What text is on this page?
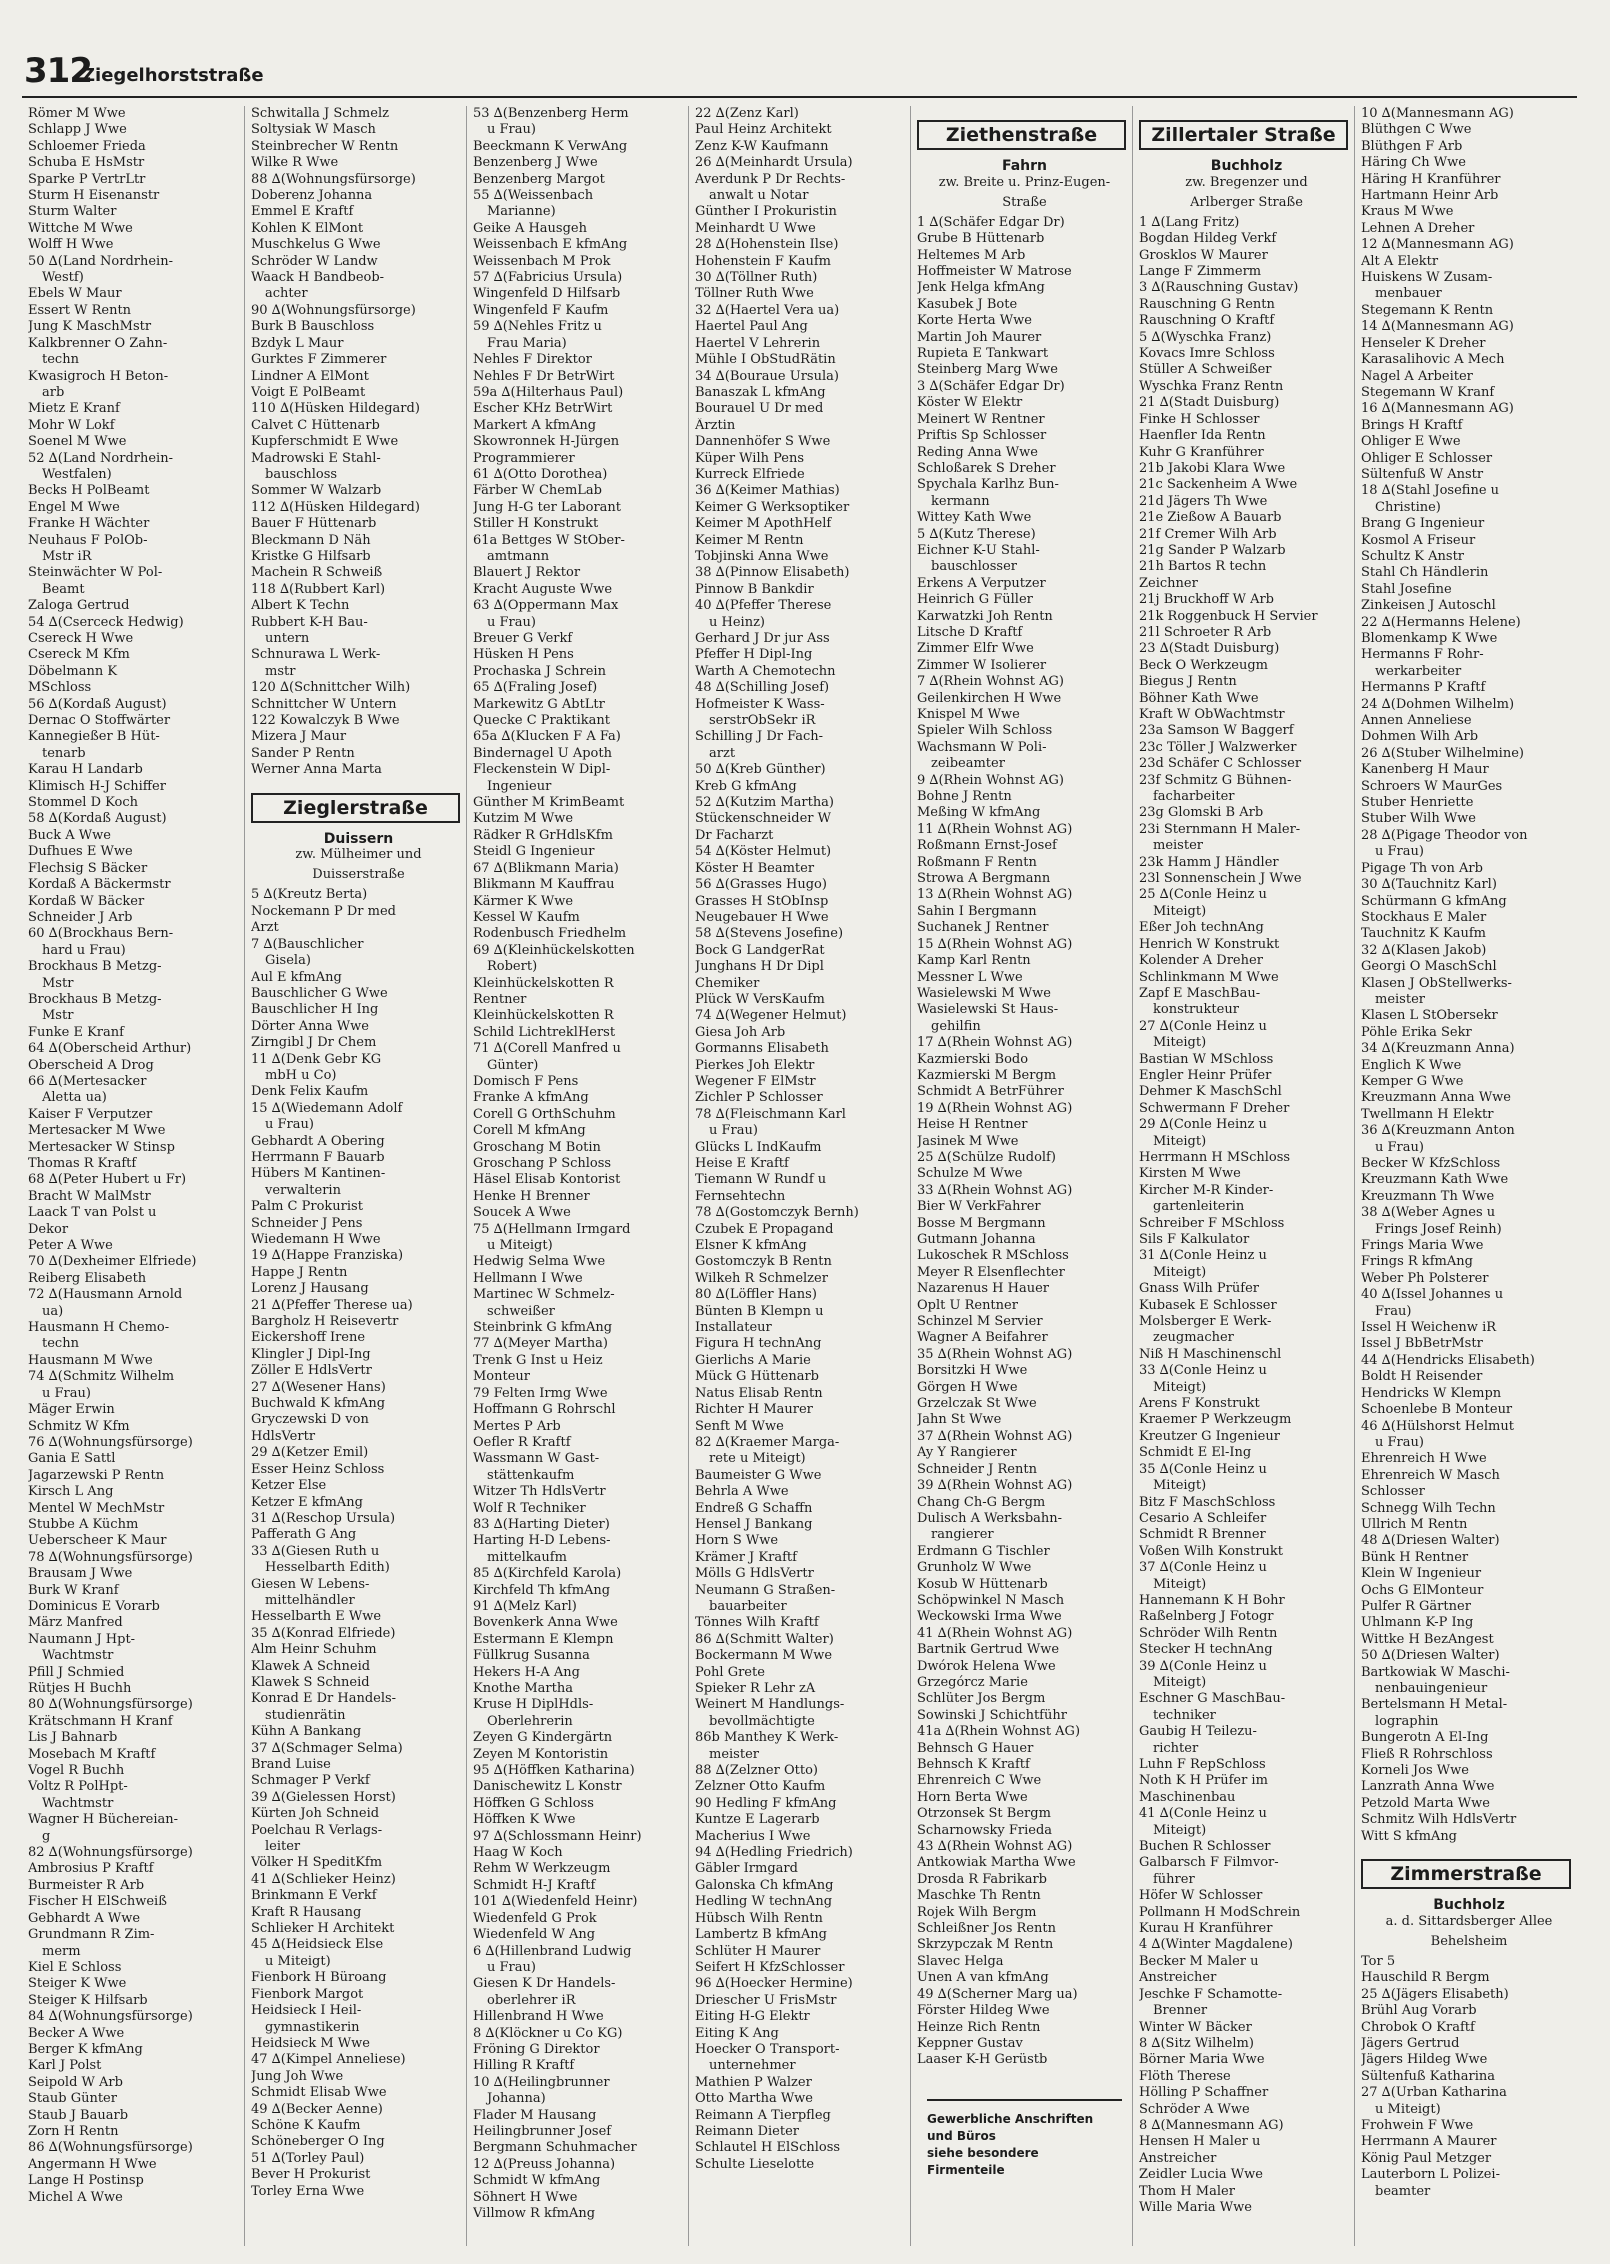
312
Ziegelhorststraße
Römer M Wwe
Schlapp J Wwe
Schloemer Frieda
Schuba E HsMstr
Sparke P VertrLtr
Sturm H Eisenanstr
Sturm Walter
Wittche M Wwe
Wolff H Wwe
50 ∆(Land Nordrhein-
Westf)
Ebels W Maur
Essert W Rentn
Jung K MaschMstr
Kalkbrenner O Zahn-
techn
Kwasigroch H Beton-
arb
Mietz E Kranf
Mohr W Lokf
Soenel M Wwe
52 ∆(Land Nordrhein-
Westfalen)
Becks H PolBeamt
Engel M Wwe
Franke H Wächter
Neuhaus F PolOb-
Mstr iR
Steinwächter W Pol-
Beamt
Zaloga Gertrud
54 ∆(Cserceck Hedwig)
Csereck H Wwe
Csereck M Kfm
Döbelmann K
MSchloss
56 ∆(Kordaß August)
Dernac O Stoffwärter
Kannegießer B Hüt-
tenarb
Karau H Landarb
Klimisch H-J Schiffer
Stommel D Koch
58 ∆(Kordaß August)
Buck A Wwe
Dufhues E Wwe
Flechsig S Bäcker
Kordaß A Bäckermstr
Kordaß W Bäcker
Schneider J Arb
60 ∆(Brockhaus Bern-
hard u Frau)
Brockhaus B Metzg-
Mstr
Brockhaus B Metzg-
Mstr
Funke E Kranf
64 ∆(Oberscheid Arthur)
Oberscheid A Drog
66 ∆(Mertesacker
Aletta ua)
Kaiser F Verputzer
Mertesacker M Wwe
Mertesacker W Stinsp
Thomas R Kraftf
68 ∆(Peter Hubert u Fr)
Bracht W MalMstr
Laack T van Polst u
Dekor
Peter A Wwe
70 ∆(Dexheimer Elfriede)
Reiberg Elisabeth
72 ∆(Hausmann Arnold
ua)
Hausmann H Chemo-
techn
Hausmann M Wwe
74 ∆(Schmitz Wilhelm
u Frau)
Mäger Erwin
Schmitz W Kfm
76 ∆(Wohnungsfürsorge)
Gania E Sattl
Jagarzewski P Rentn
Kirsch L Ang
Mentel W MechMstr
Stubbe A Küchm
Ueberscheer K Maur
78 ∆(Wohnungsfürsorge)
Brausam J Wwe
Burk W Kranf
Dominicus E Vorarb
März Manfred
Naumann J Hpt-
Wachtmstr
Pfill J Schmied
Rütjes H Buchh
80 ∆(Wohnungsfürsorge)
Krätschmann H Kranf
Lis J Bahnarb
Mosebach M Kraftf
Vogel R Buchh
Voltz R PolHpt-
Wachtmstr
Wagner H Büchereian-
g
82 ∆(Wohnungsfürsorge)
Ambrosius P Kraftf
Burmeister R Arb
Fischer H ElSchweiß
Gebhardt A Wwe
Grundmann R Zim-
merm
Kiel E Schloss
Steiger K Wwe
Steiger K Hilfsarb
84 ∆(Wohnungsfürsorge)
Becker A Wwe
Berger K kfmAng
Karl J Polst
Seipold W Arb
Staub Günter
Staub J Bauarb
Zorn H Rentn
86 ∆(Wohnungsfürsorge)
Angermann H Wwe
Lange H Postinsp
Michel A Wwe
Schwitalla J Schmelz
Soltysiak W Masch
Steinbrecher W Rentn
Wilke R Wwe
88 ∆(Wohnungsfürsorge)
Doberenz Johanna
Emmel E Kraftf
Kohlen K ElMont
Muschkelus G Wwe
Schröder W Landw
Waack H Bandbeob-
achter
90 ∆(Wohnungsfürsorge)
Burk B Bauschloss
Bzdyk L Maur
Gurktes F Zimmerer
Lindner A ElMont
Voigt E PolBeamt
110 ∆(Hüsken Hildegard)
Calvet C Hüttenarb
Kupferschmidt E Wwe
Madrowski E Stahl-
bauschloss
Sommer W Walzarb
112 ∆(Hüsken Hildegard)
Bauer F Hüttenarb
Bleckmann D Näh
Kristke G Hilfsarb
Machein R Schweiß
118 ∆(Rubbert Karl)
Albert K Techn
Rubbert K-H Bau-
untern
Schnurawa L Werk-
mstr
120 ∆(Schnittcher Wilh)
Schnittcher W Untern
122 Kowalczyk B Wwe
Mizera J Maur
Sander P Rentn
Werner Anna Marta
Zieglerstraße
Duissern
zw. Mülheimer und
Duisserstraße
5 ∆(Kreutz Berta)
Nockemann P Dr med
Arzt
7 ∆(Bauschlicher
Gisela)
Aul E kfmAng
Bauschlicher G Wwe
Bauschlicher H Ing
Dörter Anna Wwe
Zirngibl J Dr Chem
11 ∆(Denk Gebr KG
mbH u Co)
Denk Felix Kaufm
15 ∆(Wiedemann Adolf
u Frau)
Gebhardt A Obering
Herrmann F Bauarb
Hübers M Kantinen-
verwalterin
Palm C Prokurist
Schneider J Pens
Wiedemann H Wwe
19 ∆(Happe Franziska)
Happe J Rentn
Lorenz J Hausang
21 ∆(Pfeffer Therese ua)
Bargholz H Reisevertr
Eickershoff Irene
Klingler J Dipl-Ing
Zöller E HdlsVertr
27 ∆(Wesener Hans)
Buchwald K kfmAng
Gryczewski D von
HdlsVertr
29 ∆(Ketzer Emil)
Esser Heinz Schloss
Ketzer Else
Ketzer E kfmAng
31 ∆(Reschop Ursula)
Pafferath G Ang
33 ∆(Giesen Ruth u
Hesselbarth Edith)
Giesen W Lebens-
mittelhändler
Hesselbarth E Wwe
35 ∆(Konrad Elfriede)
Alm Heinr Schuhm
Klawek A Schneid
Klawek S Schneid
Konrad E Dr Handels-
studienrätin
Kühn A Bankang
37 ∆(Schmager Selma)
Brand Luise
Schmager P Verkf
39 ∆(Gielessen Horst)
Kürten Joh Schneid
Poelchau R Verlags-
leiter
Völker H SpeditKfm
41 ∆(Schlieker Heinz)
Brinkmann E Verkf
Kraft R Hausang
Schlieker H Architekt
45 ∆(Heidsieck Else
u Miteigt)
Fienbork H Büroang
Fienbork Margot
Heidsieck I Heil-
gymnastikerin
Heidsieck M Wwe
47 ∆(Kimpel Anneliese)
Jung Joh Wwe
Schmidt Elisab Wwe
49 ∆(Becker Aenne)
Schöne K Kaufm
Schöneberger O Ing
51 ∆(Torley Paul)
Bever H Prokurist
Torley Erna Wwe
53 ∆(Benzenberg Herm
u Frau)
Beeckmann K VerwAng
Benzenberg J Wwe
Benzenberg Margot
55 ∆(Weissenbach
Marianne)
Geike A Hausgeh
Weissenbach E kfmAng
Weissenbach M Prok
57 ∆(Fabricius Ursula)
Wingenfeld D Hilfsarb
Wingenfeld F Kaufm
59 ∆(Nehles Fritz u
Frau Maria)
Nehles F Direktor
Nehles F Dr BetrWirt
59a ∆(Hilterhaus Paul)
Escher KHz BetrWirt
Markert A kfmAng
Skowronnek H-Jürgen
Programmierer
61 ∆(Otto Dorothea)
Färber W ChemLab
Jung H-G ter Laborant
Stiller H Konstrukt
61a Bettges W StOber-
amtmann
Blauert J Rektor
Kracht Auguste Wwe
63 ∆(Oppermann Max
u Frau)
Breuer G Verkf
Hüsken H Pens
Prochaska J Schrein
65 ∆(Fraling Josef)
Markewitz G AbtLtr
Quecke C Praktikant
65a ∆(Klucken F A Fa)
Bindernagel U Apoth
Fleckenstein W Dipl-
Ingenieur
Günther M KrimBeamt
Kutzim M Wwe
Rädker R GrHdlsKfm
Steidl G Ingenieur
67 ∆(Blikmann Maria)
Blikmann M Kauffrau
Kärmer K Wwe
Kessel W Kaufm
Rodenbusch Friedhelm
69 ∆(Kleinhückelskotten
Robert)
Kleinhückelskotten R
Rentner
Kleinhückelskotten R
Schild LichtreklHerst
71 ∆(Corell Manfred u
Günter)
Domisch F Pens
Franke A kfmAng
Corell G OrthSchuhm
Corell M kfmAng
Groschang M Botin
Groschang P Schloss
Häsel Elisab Kontorist
Henke H Brenner
Soucek A Wwe
75 ∆(Hellmann Irmgard
u Miteigt)
Hedwig Selma Wwe
Hellmann I Wwe
Martinec W Schmelz-
schweißer
Steinbrink G kfmAng
77 ∆(Meyer Martha)
Trenk G Inst u Heiz
Monteur
79 Felten Irmg Wwe
Hoffmann G Rohrschl
Mertes P Arb
Oefler R Kraftf
Wassmann W Gast-
stättenkaufm
Witzer Th HdlsVertr
Wolf R Techniker
83 ∆(Harting Dieter)
Harting H-D Lebens-
mittelkaufm
85 ∆(Kirchfeld Karola)
Kirchfeld Th kfmAng
91 ∆(Melz Karl)
Bovenkerk Anna Wwe
Estermann E Klempn
Füllkrug Susanna
Hekers H-A Ang
Knothe Martha
Kruse H DiplHdls-
Oberlehrerin
Zeyen G Kindergärtn
Zeyen M Kontoristin
95 ∆(Höffken Katharina)
Danischewitz L Konstr
Höffken G Schloss
Höffken K Wwe
97 ∆(Schlossmann Heinr)
Haag W Koch
Rehm W Werkzeugm
Schmidt H-J Kraftf
101 ∆(Wiedenfeld Heinr)
Wiedenfeld G Prok
Wiedenfeld W Ang
6 ∆(Hillenbrand Ludwig
u Frau)
Giesen K Dr Handels-
oberlehrer iR
Hillenbrand H Wwe
8 ∆(Klöckner u Co KG)
Fröning G Direktor
Hilling R Kraftf
10 ∆(Heilingbrunner
Johanna)
Flader M Hausang
Heilingbrunner Josef
Bergmann Schuhmacher
12 ∆(Preuss Johanna)
Schmidt W kfmAng
Söhnert H Wwe
Villmow R kfmAng
22 ∆(Zenz Karl)
Paul Heinz Architekt
Zenz K-W Kaufmann
26 ∆(Meinhardt Ursula)
Averdunk P Dr Rechts-
anwalt u Notar
Günther I Prokuristin
Meinhardt U Wwe
28 ∆(Hohenstein Ilse)
Hohenstein F Kaufm
30 ∆(Töllner Ruth)
Töllner Ruth Wwe
32 ∆(Haertel Vera ua)
Haertel Paul Ang
Haertel V Lehrerin
Mühle I ObStudRätin
34 ∆(Bouraue Ursula)
Banaszak L kfmAng
Bourauel U Dr med
Ärztin
Dannenhöfer S Wwe
Küper Wilh Pens
Kurreck Elfriede
36 ∆(Keimer Mathias)
Keimer G Werksoptiker
Keimer M ApothHelf
Keimer M Rentn
Tobjinski Anna Wwe
38 ∆(Pinnow Elisabeth)
Pinnow B Bankdir
40 ∆(Pfeffer Therese
u Heinz)
Gerhard J Dr jur Ass
Pfeffer H Dipl-Ing
Warth A Chemotechn
48 ∆(Schilling Josef)
Hofmeister K Wass-
serstrObSekr iR
Schilling J Dr Fach-
arzt
50 ∆(Kreb Günther)
Kreb G kfmAng
52 ∆(Kutzim Martha)
Stückenschneider W
Dr Facharzt
54 ∆(Köster Helmut)
Köster H Beamter
56 ∆(Grasses Hugo)
Grasses H StObInsp
Neugebauer H Wwe
58 ∆(Stevens Josefine)
Bock G LandgerRat
Junghans H Dr Dipl
Chemiker
Plück W VersKaufm
74 ∆(Wegener Helmut)
Giesa Joh Arb
Gormanns Elisabeth
Pierkes Joh Elektr
Wegener F ElMstr
Zichler P Schlosser
78 ∆(Fleischmann Karl
u Frau)
Glücks L IndKaufm
Heise E Kraftf
Tiemann W Rundf u
Fernsehtechn
78 ∆(Gostomczyk Bernh)
Czubek E Propagand
Elsner K kfmAng
Gostomczyk B Rentn
Wilkeh R Schmelzer
80 ∆(Löffler Hans)
Bünten B Klempn u
Installateur
Figura H technAng
Gierlichs A Marie
Mück G Hüttenarb
Natus Elisab Rentn
Richter H Maurer
Senft M Wwe
82 ∆(Kraemer Marga-
rete u Miteigt)
Baumeister G Wwe
Behrla A Wwe
Endreß G Schaffn
Hensel J Bankang
Horn S Wwe
Krämer J Kraftf
Mölls G HdlsVertr
Neumann G Straßen-
bauarbeiter
Tönnes Wilh Kraftf
86 ∆(Schmitt Walter)
Bockermann M Wwe
Pohl Grete
Spieker R Lehr zA
Weinert M Handlungs-
bevollmächtigte
86b Manthey K Werk-
meister
88 ∆(Zelzner Otto)
Zelzner Otto Kaufm
90 Hedling F kfmAng
Kuntze E Lagerarb
Macherius I Wwe
94 ∆(Hedling Friedrich)
Gäbler Irmgard
Galonska Ch kfmAng
Hedling W technAng
Hübsch Wilh Rentn
Lambertz B kfmAng
Schlüter H Maurer
Seifert H KfzSchlosser
96 ∆(Hoecker Hermine)
Driescher U FrisMstr
Eiting H-G Elektr
Eiting K Ang
Hoecker O Transport-
unternehmer
Mathien P Walzer
Otto Martha Wwe
Reimann A Tierpfleg
Reimann Dieter
Schlautel H ElSchloss
Schulte Lieselotte
Ziethenstraße
Fahrn
zw. Breite u. Prinz-Eugen-
Straße
1 ∆(Schäfer Edgar Dr)
Grube B Hüttenarb
Heltemes M Arb
Hoffmeister W Matrose
Jenk Helga kfmAng
Kasubek J Bote
Korte Herta Wwe
Martin Joh Maurer
Rupieta E Tankwart
Steinberg Marg Wwe
3 ∆(Schäfer Edgar Dr)
Köster W Elektr
Meinert W Rentner
Priftis Sp Schlosser
Reding Anna Wwe
Schloßarek S Dreher
Spychala Karlhz Bun-
kermann
Wittey Kath Wwe
5 ∆(Kutz Therese)
Eichner K-U Stahl-
bauschlosser
Erkens A Verputzer
Heinrich G Füller
Karwatzki Joh Rentn
Litsche D Kraftf
Zimmer Elfr Wwe
Zimmer W Isolierer
7 ∆(Rhein Wohnst AG)
Geilenkirchen H Wwe
Knispel M Wwe
Spieler Wilh Schloss
Wachsmann W Poli-
zeibeamter
9 ∆(Rhein Wohnst AG)
Bohne J Rentn
Meßing W kfmAng
11 ∆(Rhein Wohnst AG)
Roßmann Ernst-Josef
Roßmann F Rentn
Strowa A Bergmann
13 ∆(Rhein Wohnst AG)
Sahin I Bergmann
Suchanek J Rentner
15 ∆(Rhein Wohnst AG)
Kamp Karl Rentn
Messner L Wwe
Wasielewski M Wwe
Wasielewski St Haus-
gehilfin
17 ∆(Rhein Wohnst AG)
Kazmierski Bodo
Kazmierski M Bergm
Schmidt A BetrFührer
19 ∆(Rhein Wohnst AG)
Heise H Rentner
Jasinek M Wwe
25 ∆(Schülze Rudolf)
Schulze M Wwe
33 ∆(Rhein Wohnst AG)
Bier W VerkFahrer
Bosse M Bergmann
Gutmann Johanna
Lukoschek R MSchloss
Meyer R Elsenflechter
Nazarenus H Hauer
Oplt U Rentner
Schinzel M Servier
Wagner A Beifahrer
35 ∆(Rhein Wohnst AG)
Borsitzki H Wwe
Görgen H Wwe
Grzelczak St Wwe
Jahn St Wwe
37 ∆(Rhein Wohnst AG)
Ay Y Rangierer
Schneider J Rentn
39 ∆(Rhein Wohnst AG)
Chang Ch-G Bergm
Dulisch A Werksbahn-
rangierer
Erdmann G Tischler
Grunholz W Wwe
Kosub W Hüttenarb
Schöpwinkel N Masch
Weckowski Irma Wwe
41 ∆(Rhein Wohnst AG)
Bartnik Gertrud Wwe
Dwórok Helena Wwe
Grzegórcz Marie
Schlüter Jos Bergm
Sowinski J Schichtführ
41a ∆(Rhein Wohnst AG)
Behnsch G Hauer
Behnsch K Kraftf
Ehrenreich C Wwe
Horn Berta Wwe
Otrzonsek St Bergm
Scharnowsky Frieda
43 ∆(Rhein Wohnst AG)
Antkowiak Martha Wwe
Drosda R Fabrikarb
Maschke Th Rentn
Rojek Wilh Bergm
Schleißner Jos Rentn
Skrzypczak M Rentn
Slavec Helga
Unen A van kfmAng
49 ∆(Scherner Marg ua)
Förster Hildeg Wwe
Heinze Rich Rentn
Keppner Gustav
Laaser K-H Gerüstb
Gewerbliche Anschriften
und Büros
siehe besondere
Firmenteile
Zillertaler Straße
Buchholz
zw. Bregenzer und
Arlberger Straße
1 ∆(Lang Fritz)
Bogdan Hildeg Verkf
Grosklos W Maurer
Lange F Zimmerm
3 ∆(Rauschning Gustav)
Rauschning G Rentn
Rauschning O Kraftf
5 ∆(Wyschka Franz)
Kovacs Imre Schloss
Stüller A Schweißer
Wyschka Franz Rentn
21 ∆(Stadt Duisburg)
Finke H Schlosser
Haenfler Ida Rentn
Kuhr G Kranführer
21b Jakobi Klara Wwe
21c Sackenheim A Wwe
21d Jägers Th Wwe
21e Zießow A Bauarb
21f Cremer Wilh Arb
21g Sander P Walzarb
21h Bartos R techn
Zeichner
21j Bruckhoff W Arb
21k Roggenbuck H Servier
21l Schroeter R Arb
23 ∆(Stadt Duisburg)
Beck O Werkzeugm
Biegus J Rentn
Böhner Kath Wwe
Kraft W ObWachtmstr
23a Samson W Baggerf
23c Töller J Walzwerker
23d Schäfer C Schlosser
23f Schmitz G Bühnen-
facharbeiter
23g Glomski B Arb
23i Sternmann H Maler-
meister
23k Hamm J Händler
23l Sonnenschein J Wwe
25 ∆(Conle Heinz u
Miteigt)
Eßer Joh technAng
Henrich W Konstrukt
Kolender A Dreher
Schlinkmann M Wwe
Zapf E MaschBau-
konstrukteur
27 ∆(Conle Heinz u
Miteigt)
Bastian W MSchloss
Engler Heinr Prüfer
Dehmer K MaschSchl
Schwermann F Dreher
29 ∆(Conle Heinz u
Miteigt)
Herrmann H MSchloss
Kirsten M Wwe
Kircher M-R Kinder-
gartenleiterin
Schreiber F MSchloss
Sils F Kalkulator
31 ∆(Conle Heinz u
Miteigt)
Gnass Wilh Prüfer
Kubasek E Schlosser
Molsberger E Werk-
zeugmacher
Niß H Maschinenschl
33 ∆(Conle Heinz u
Miteigt)
Arens F Konstrukt
Kraemer P Werkzeugm
Kreutzer G Ingenieur
Schmidt E El-Ing
35 ∆(Conle Heinz u
Miteigt)
Bitz F MaschSchloss
Cesario A Schleifer
Schmidt R Brenner
Voßen Wilh Konstrukt
37 ∆(Conle Heinz u
Miteigt)
Hannemann K H Bohr
Raßelnberg J Fotogr
Schröder Wilh Rentn
Stecker H technAng
39 ∆(Conle Heinz u
Miteigt)
Eschner G MaschBau-
techniker
Gaubig H Teilezu-
richter
Luhn F RepSchloss
Noth K H Prüfer im
Maschinenbau
41 ∆(Conle Heinz u
Miteigt)
Buchen R Schlosser
Galbarsch F Filmvor-
führer
Höfer W Schlosser
Pollmann H ModSchrein
Kurau H Kranführer
4 ∆(Winter Magdalene)
Becker M Maler u
Anstreicher
Jeschke F Schamotte-
Brenner
Winter W Bäcker
8 ∆(Sitz Wilhelm)
Börner Maria Wwe
Flöth Therese
Hölling P Schaffner
Schröder A Wwe
8 ∆(Mannesmann AG)
Hensen H Maler u
Anstreicher
Zeidler Lucia Wwe
Thom H Maler
Wille Maria Wwe
10 ∆(Mannesmann AG)
Blüthgen C Wwe
Blüthgen F Arb
Häring Ch Wwe
Häring H Kranführer
Hartmann Heinr Arb
Kraus M Wwe
Lehnen A Dreher
12 ∆(Mannesmann AG)
Alt A Elektr
Huiskens W Zusam-
menbauer
Stegemann K Rentn
14 ∆(Mannesmann AG)
Henseler K Dreher
Karasalihovic A Mech
Nagel A Arbeiter
Stegemann W Kranf
16 ∆(Mannesmann AG)
Brings H Kraftf
Ohliger E Wwe
Ohliger E Schlosser
Sültenfuß W Anstr
18 ∆(Stahl Josefine u
Christine)
Brang G Ingenieur
Kosmol A Friseur
Schultz K Anstr
Stahl Ch Händlerin
Stahl Josefine
Zinkeisen J Autoschl
22 ∆(Hermanns Helene)
Blomenkamp K Wwe
Hermanns F Rohr-
werkarbeiter
Hermanns P Kraftf
24 ∆(Dohmen Wilhelm)
Annen Anneliese
Dohmen Wilh Arb
26 ∆(Stuber Wilhelmine)
Kanenberg H Maur
Schroers W MaurGes
Stuber Henriette
Stuber Wilh Wwe
28 ∆(Pigage Theodor von
u Frau)
Pigage Th von Arb
30 ∆(Tauchnitz Karl)
Schürmann G kfmAng
Stockhaus E Maler
Tauchnitz K Kaufm
32 ∆(Klasen Jakob)
Georgi O MaschSchl
Klasen J ObStellwerks-
meister
Klasen L StObersekr
Pöhle Erika Sekr
34 ∆(Kreuzmann Anna)
Englich K Wwe
Kemper G Wwe
Kreuzmann Anna Wwe
Twellmann H Elektr
36 ∆(Kreuzmann Anton
u Frau)
Becker W KfzSchloss
Kreuzmann Kath Wwe
Kreuzmann Th Wwe
38 ∆(Weber Agnes u
Frings Josef Reinh)
Frings Maria Wwe
Frings R kfmAng
Weber Ph Polsterer
40 ∆(Issel Johannes u
Frau)
Issel H Weichenw iR
Issel J BbBetrMstr
44 ∆(Hendricks Elisabeth)
Boldt H Reisender
Hendricks W Klempn
Schoenlebe B Monteur
46 ∆(Hülshorst Helmut
u Frau)
Ehrenreich H Wwe
Ehrenreich W Masch
Schlosser
Schnegg Wilh Techn
Ullrich M Rentn
48 ∆(Driesen Walter)
Bünk H Rentner
Klein W Ingenieur
Ochs G ElMonteur
Pulfer R Gärtner
Uhlmann K-P Ing
Wittke H BezAngest
50 ∆(Driesen Walter)
Bartkowiak W Maschi-
nenbauingenieur
Bertelsmann H Metal-
lographin
Bungerotn A El-Ing
Fließ R Rohrschloss
Korneli Jos Wwe
Lanzrath Anna Wwe
Petzold Marta Wwe
Schmitz Wilh HdlsVertr
Witt S kfmAng
Zimmerstraße
Buchholz
a. d. Sittardsberger Allee
Behelsheim
Tor 5
Hauschild R Bergm
25 ∆(Jägers Elisabeth)
Brühl Aug Vorarb
Chrobok O Kraftf
Jägers Gertrud
Jägers Hildeg Wwe
Sültenfuß Katharina
27 ∆(Urban Katharina
u Miteigt)
Frohwein F Wwe
Herrmann A Maurer
König Paul Metzger
Lauterborn L Polizei-
beamter
